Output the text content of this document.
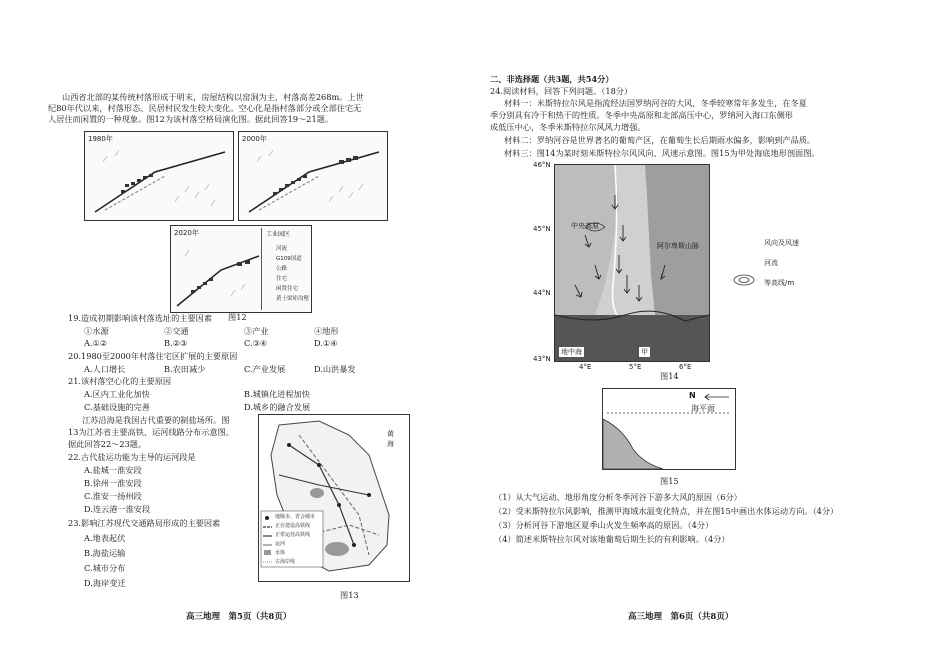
山西省北部的某传统村落形成于明末，房屋结构以窑洞为主，村落高差268m。上世
纪80年代以来，村落形态、民居村民发生较大变化。空心化是指村落部分或全部住宅无
人居住而闲置的一种现象。图12为该村落空格局演化图。据此回答19～21题。
1980年	2000年
2020年	工业园区
河流
G109国道
公路
住宅
闲置住宅
黄土梁峁沟壑
图12
19.造成初期影响该村落选址的主要因素
①水源	②交通	③产业	④地形
A.①②	B.②③	C.③④	D.①④
20.1980至2000年村落住宅区扩展的主要原因
A.人口增长	B.农田减少	C.产业发展	D.山洪暴发
21.该村落空心化的主要原因
A.区内工业化加快	B.城镇化进程加快
C.基础设施的完善	D.城乡的融合发展
江苏沿海是我国古代重要的制盐场所。图
13为江苏省主要高铁、运河线路分布示意图。
据此回答22～23题。
22.古代盐运功能为主导的运河段是
A.盐城一淮安段
B.徐州一淮安段
C.淮安一扬州段
D.连云港一淮安段
23.影响江苏现代交通路局形成的主要因素
A.地表起伏
B.海盐运输
C.城市分布
D.海岸变迁
黄海
地级市、省会城市
正在建设高铁线
正常运营高铁线
运河
水体
古海岸线
图13
高三地理　第5页（共8页）
二、非选择题（共3题，共54分）
24.阅读材料，回答下列问题。（18分）
材料一：米斯特拉尔风是指流经法国罗纳河谷的大风，冬季较寒常年多发生，在冬夏
季分别具有冷干和热干的性质。冬季中央高原和北部高压中心，罗纳河入海口东侧形
成低压中心，冬季米斯特拉尔风风力增强。
材料二：罗纳河谷是世界著名的葡萄产区，在葡萄生长后期雨水偏多，影响到产品质。
材料三：图14为某时刻米斯特拉尔风风向、风速示意图。图15为甲处海底地形剖面图。
46°N
45°N
44°N
43°N
4°E	5°E	6°E
中央高原
阿尔卑斯山脉
地中海	甲
风向及风速
河流
等高线/m
图14
N
海平面
图15
（1）从大气运动、地形角度分析冬季河谷下游多大风的原因（6分）
（2）受米斯特拉尔风影响，推测甲海域水温变化特点，并在图15中画出水体运动方向。（4分）
（3）分析河谷下游地区夏季山火发生频率高的原因。（4分）
（4）简述米斯特拉尔风对该地葡萄后期生长的有利影响。（4分）
高三地理　第6页（共8页）
